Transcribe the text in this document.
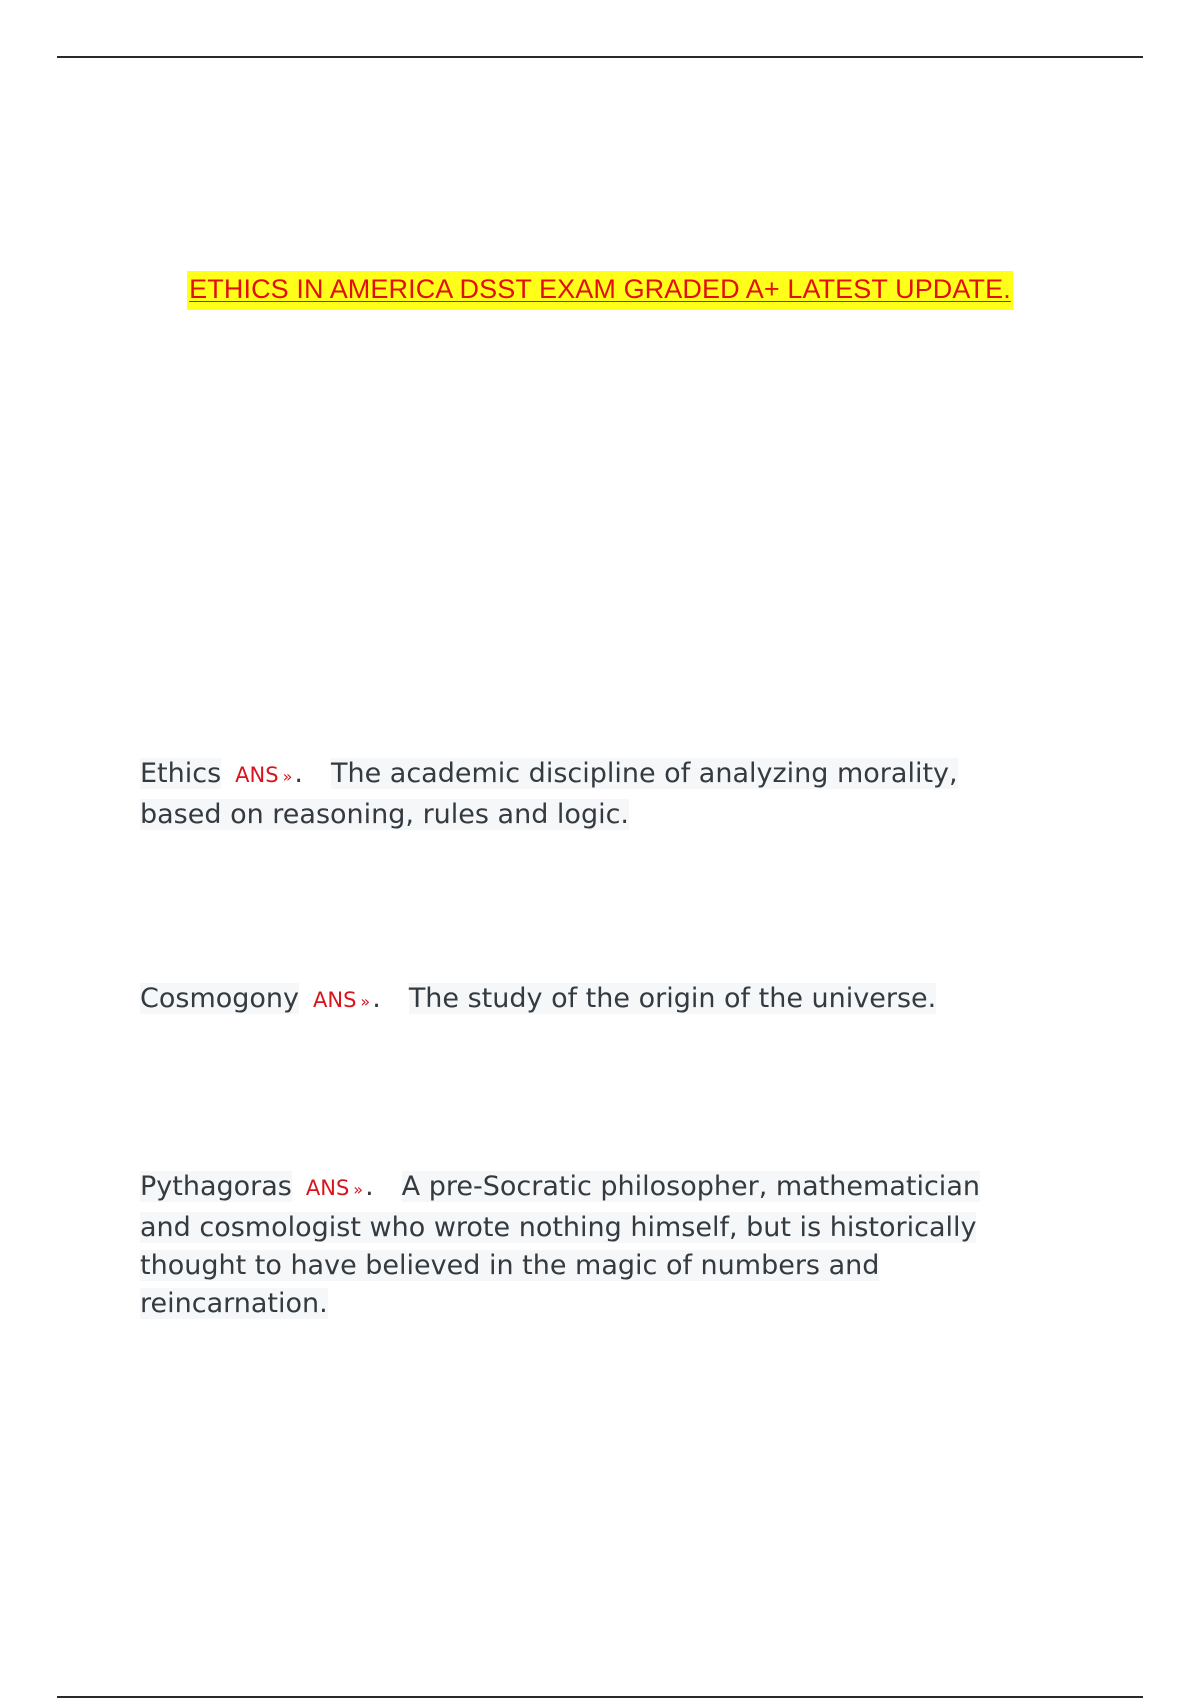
ETHICS IN AMERICA DSST EXAM GRADED A+ LATEST UPDATE.
Ethics ANS ». The academic discipline of analyzing morality,
based on reasoning, rules and logic.
Cosmogony ANS ». The study of the origin of the universe.
Pythagoras ANS ». A pre-Socratic philosopher, mathematician
and cosmologist who wrote nothing himself, but is historically
thought to have believed in the magic of numbers and
reincarnation.
